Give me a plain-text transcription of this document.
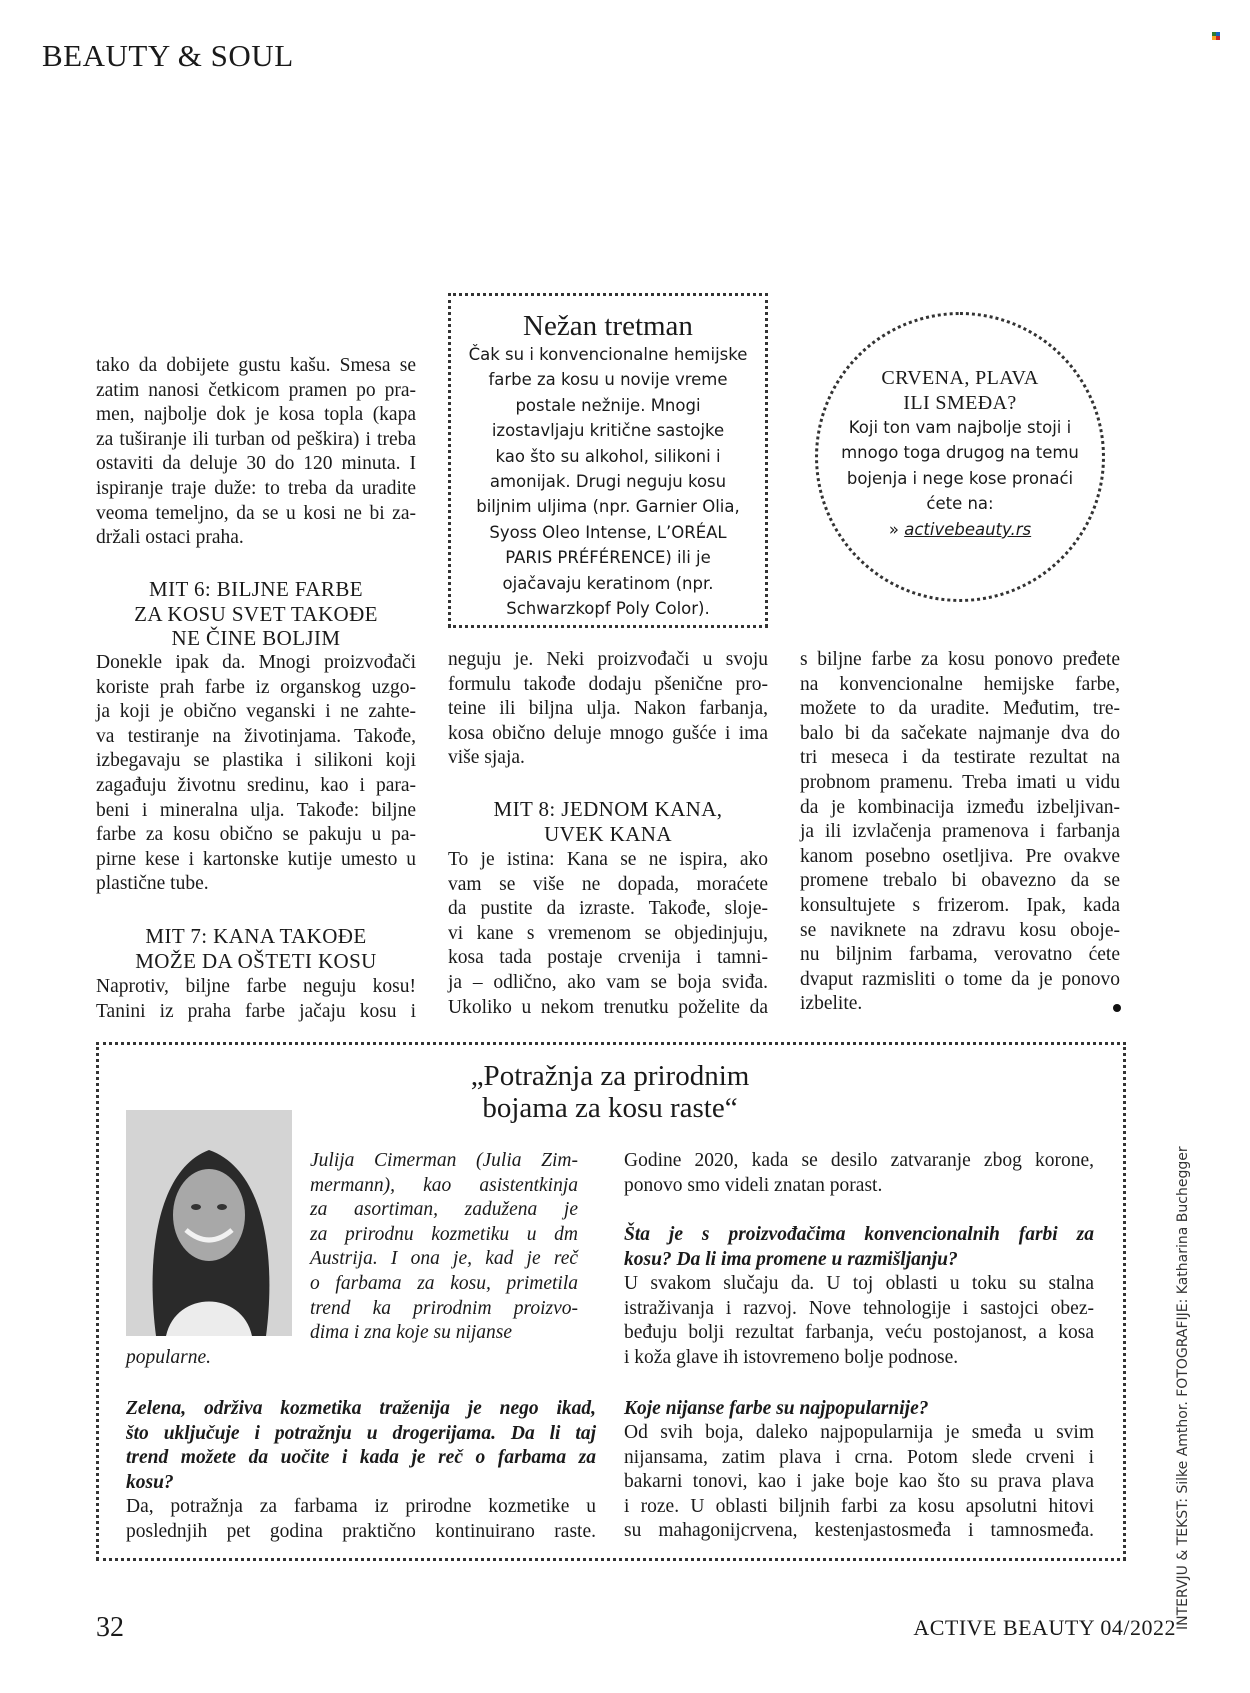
BEAUTY & SOUL
tako da dobijete gustu kašu. Smesa se
zatim nanosi četkicom pramen po pra-
men, najbolje dok je kosa topla (kapa
za tuširanje ili turban od peškira) i treba
ostaviti da deluje 30 do 120 minuta. I
ispiranje traje duže: to treba da uradite
veoma temeljno, da se u kosi ne bi za-
držali ostaci praha.
MIT 6: BILJNE FARBE
ZA KOSU SVET TAKOĐE
NE ČINE BOLJIM
Donekle ipak da. Mnogi proizvođači
koriste prah farbe iz organskog uzgo-
ja koji je obično veganski i ne zahte-
va testiranje na životinjama. Takođe,
izbegavaju se plastika i silikoni koji
zagađuju životnu sredinu, kao i para-
beni i mineralna ulja. Takođe: biljne
farbe za kosu obično se pakuju u pa-
pirne kese i kartonske kutije umesto u
plastične tube.
MIT 7: KANA TAKOĐE
MOŽE DA OŠTETI KOSU
Naprotiv, biljne farbe neguju kosu!
Tanini iz praha farbe jačaju kosu i
Nežan tretman
Čak su i konvencionalne hemijske
farbe za kosu u novije vreme
postale nežnije. Mnogi
izostavljaju kritične sastojke
kao što su alkohol, silikoni i
amonijak. Drugi neguju kosu
biljnim uljima (npr. Garnier Olia,
Syoss Oleo Intense, L’ORÉAL
PARIS PRÉFÉRENCE) ili je
ojačavaju keratinom (npr.
Schwarzkopf Poly Color).
CRVENA, PLAVA
ILI SMEĐA?
Koji ton vam najbolje stoji i
mnogo toga drugog na temu
bojenja i nege kose pronaći
ćete na:
» activebeauty.rs
neguju je. Neki proizvođači u svoju
formulu takođe dodaju pšenične pro-
teine ili biljna ulja. Nakon farbanja,
kosa obično deluje mnogo gušće i ima
više sjaja.
MIT 8: JEDNOM KANA,
UVEK KANA
To je istina: Kana se ne ispira, ako
vam se više ne dopada, moraćete
da pustite da izraste. Takođe, sloje-
vi kane s vremenom se objedinjuju,
kosa tada postaje crvenija i tamni-
ja – odlično, ako vam se boja sviđa.
Ukoliko u nekom trenutku poželite da
s biljne farbe za kosu ponovo pređete
na konvencionalne hemijske farbe,
možete to da uradite. Međutim, tre-
balo bi da sačekate najmanje dva do
tri meseca i da testirate rezultat na
probnom pramenu. Treba imati u vidu
da je kombinacija između izbeljivan-
ja ili izvlačenja pramenova i farbanja
kanom posebno osetljiva. Pre ovakve
promene trebalo bi obavezno da se
konsultujete s frizerom. Ipak, kada
se naviknete na zdravu kosu oboje-
nu biljnim farbama, verovatno ćete
dvaput razmisliti o tome da je ponovo
izbelite.
„Potražnja za prirodnim
bojama za kosu raste“
Julija Cimerman (Julia Zim-
mermann), kao asistentkinja
za asortiman, zadužena je
za prirodnu kozmetiku u dm
Austrija. I ona je, kad je reč
o farbama za kosu, primetila
trend ka prirodnim proizvo-
dima i zna koje su nijanse
popularne.
Zelena, održiva kozmetika traženija je nego ikad,
što uključuje i potražnju u drogerijama. Da li taj
trend možete da uočite i kada je reč o farbama za
kosu?
Da, potražnja za farbama iz prirodne kozmetike u
poslednjih pet godina praktično kontinuirano raste.
Godine 2020, kada se desilo zatvaranje zbog korone,
ponovo smo videli znatan porast.
Šta je s proizvođačima konvencionalnih farbi za
kosu? Da li ima promene u razmišljanju?
U svakom slučaju da. U toj oblasti u toku su stalna
istraživanja i razvoj. Nove tehnologije i sastojci obez-
beđuju bolji rezultat farbanja, veću postojanost, a kosa
i koža glave ih istovremeno bolje podnose.
Koje nijanse farbe su najpopularnije?
Od svih boja, daleko najpopularnija je smeđa u svim
nijansama, zatim plava i crna. Potom slede crveni i
bakarni tonovi, kao i jake boje kao što su prava plava
i roze. U oblasti biljnih farbi za kosu apsolutni hitovi
su mahagonijcrvena, kestenjastosmeđa i tamnosmeđa.	INTERVJU & TEKST: Silke Amthor. FOTOGRAFIJE: Katharina Buchegger
32	ACTIVE BEAUTY 04/2022
